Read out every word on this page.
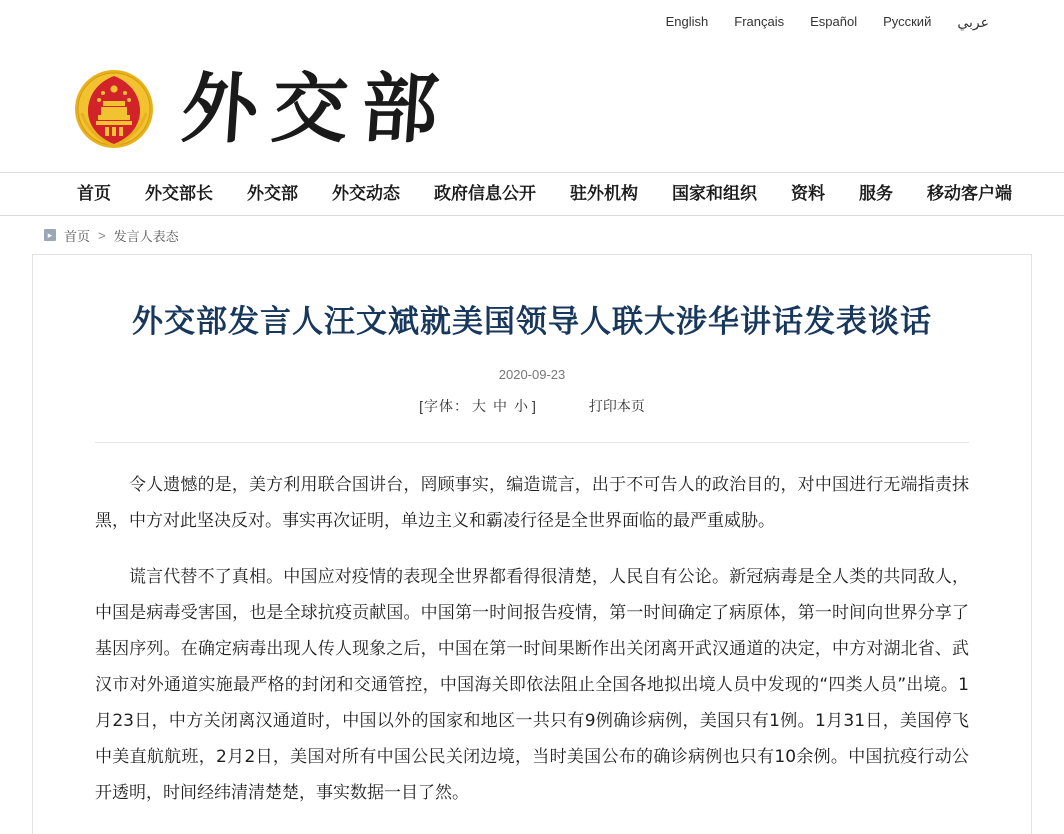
English Français Español Русский عربي
外交部
首页	外交部长	外交部	外交动态	政府信息公开	驻外机构	国家和组织	资料	服务	移动客户端
▸ 首页 > 发言人表态
外交部发言人汪文斌就美国领导人联大涉华讲话发表谈话
2020-09-23
[字体： 大 中 小 ]	打印本页

令人遗憾的是，美方利用联合国讲台，罔顾事实，编造谎言，出于不可告人的政治目的，对中国进行无端指责抹黑，中方对此坚决反对。事实再次证明，单边主义和霸凌行径是全世界面临的最严重威胁。

谎言代替不了真相。中国应对疫情的表现全世界都看得很清楚，人民自有公论。新冠病毒是全人类的共同敌人，中国是病毒受害国，也是全球抗疫贡献国。中国第一时间报告疫情，第一时间确定了病原体，第一时间向世界分享了基因序列。在确定病毒出现人传人现象之后，中国在第一时间果断作出关闭离开武汉通道的决定，中方对湖北省、武汉市对外通道实施最严格的封闭和交通管控，中国海关即依法阻止全国各地拟出境人员中发现的“四类人员”出境。1月23日，中方关闭离汉通道时，中国以外的国家和地区一共只有9例确诊病例，美国只有1例。1月31日，美国停飞中美直航航班，2月2日，美国对所有中国公民关闭边境，当时美国公布的确诊病例也只有10余例。中国抗疫行动公开透明，时间经纬清清楚楚，事实数据一目了然。
